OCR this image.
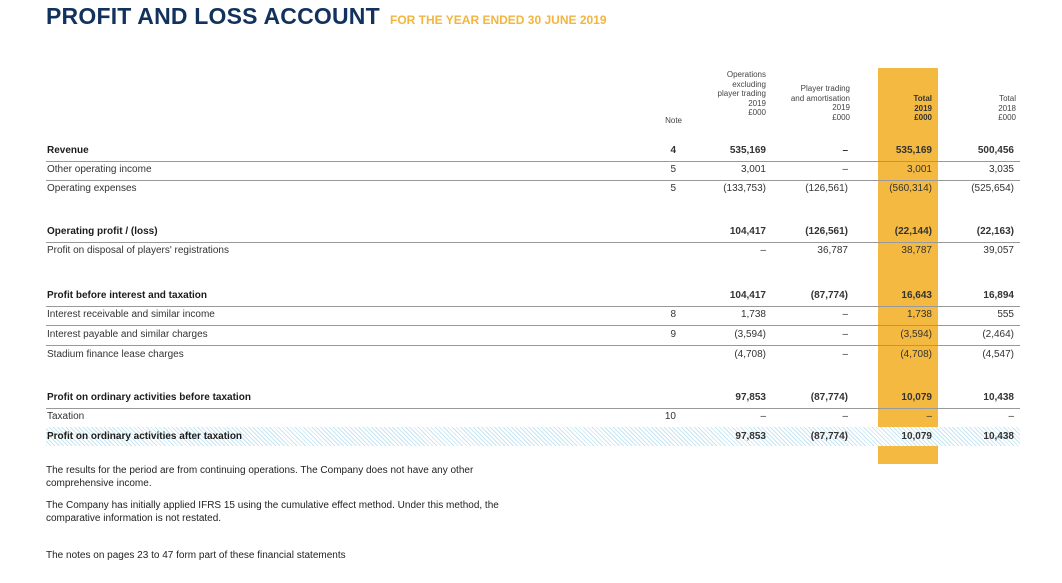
PROFIT AND LOSS ACCOUNT FOR THE YEAR ENDED 30 JUNE 2019
Note
Operations
excluding
player trading
2019
£000
Player trading
and amortisation
2019
£000
Total
2019
£000
Total
2018
£000
Revenue	4	535,169	–	535,169	500,456
Other operating income	5	3,001	–	3,001	3,035
Operating expenses	5	(133,753)	(126,561)	(560,314)	(525,654)
Operating profit / (loss)	104,417	(126,561)	(22,144)	(22,163)
Profit on disposal of players' registrations	–	36,787	38,787	39,057
Profit before interest and taxation	104,417	(87,774)	16,643	16,894
Interest receivable and similar income	8	1,738	–	1,738	555
Interest payable and similar charges	9	(3,594)	–	(3,594)	(2,464)
Stadium finance lease charges	(4,708)	–	(4,708)	(4,547)
Profit on ordinary activities before taxation	97,853	(87,774)	10,079	10,438
Taxation	10	–	–	–	–
Profit on ordinary activities after taxation	97,853	(87,774)	10,079	10,438
The results for the period are from continuing operations. The Company does not have any other comprehensive income.
The Company has initially applied IFRS 15 using the cumulative effect method. Under this method, the comparative information is not restated.
The notes on pages 23 to 47 form part of these financial statements
